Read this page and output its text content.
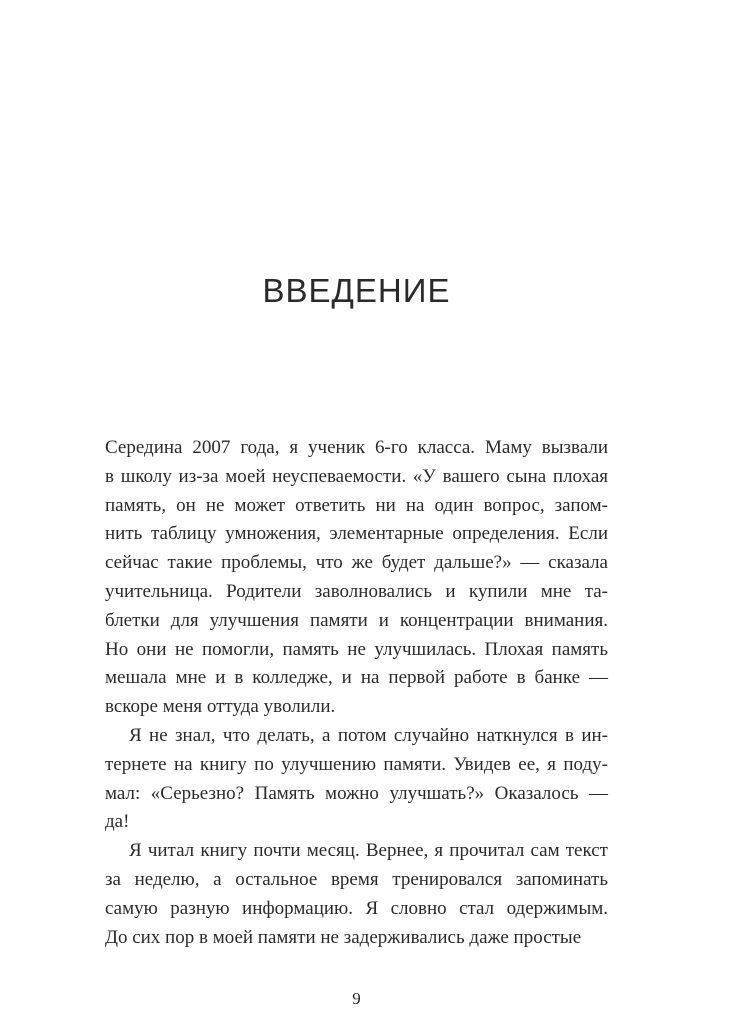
ВВЕДЕНИЕ
Середина 2007 года, я ученик 6-го класса. Маму вызвали
в школу из-за моей неуспеваемости. «У вашего сына плохая
память, он не может ответить ни на один вопрос, запом-
нить таблицу умножения, элементарные определения. Если
сейчас такие проблемы, что же будет дальше?» — сказала
учительница. Родители заволновались и купили мне та-
блетки для улучшения памяти и концентрации внимания.
Но они не помогли, память не улучшилась. Плохая память
мешала мне и в колледже, и на первой работе в банке —
вскоре меня оттуда уволили.
Я не знал, что делать, а потом случайно наткнулся в ин-
тернете на книгу по улучшению памяти. Увидев ее, я поду-
мал: «Серьезно? Память можно улучшать?» Оказалось —
да!
Я читал книгу почти месяц. Вернее, я прочитал сам текст
за неделю, а остальное время тренировался запоминать
самую разную информацию. Я словно стал одержимым.
До сих пор в моей памяти не задерживались даже простые
9
